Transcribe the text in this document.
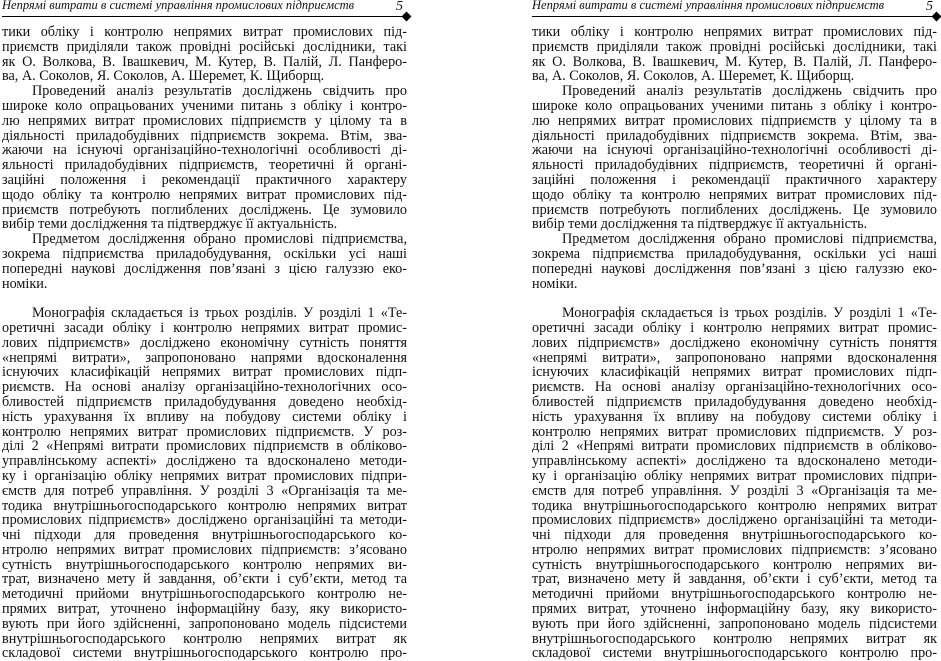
Непрямі витрати в системі управління промислових підприємств	5
тики обліку і контролю непрямих витрат промислових під-
приємств приділяли також провідні російські дослідники, такі
як О. Волкова, В. Івашкевич, М. Кутер, В. Палій, Л. Панферо-
ва, А. Соколов, Я. Соколов, А. Шеремет, К. Щиборщ.
Проведений аналіз результатів досліджень свідчить про
широке коло опрацьованих ученими питань з обліку і контро-
лю непрямих витрат промислових підприємств у цілому та в
діяльності приладобудівних підприємств зокрема. Втім, зва-
жаючи на існуючі організаційно-технологічні особливості ді-
яльності приладобудівних підприємств, теоретичні й органі-
заційні положення і рекомендації практичного характеру
щодо обліку та контролю непрямих витрат промислових під-
приємств потребують поглиблених досліджень. Це зумовило
вибір теми дослідження та підтверджує її актуальність.
Предметом дослідження обрано промислові підприємства,
зокрема підприємства приладобудування, оскільки усі наші
попередні наукові дослідження пов’язані з цією галуззю еко-
номіки.
Монографія складається із трьох розділів. У розділі 1 «Те-
оретичні засади обліку і контролю непрямих витрат промис-
лових підприємств» досліджено економічну сутність поняття
«непрямі витрати», запропоновано напрями вдосконалення
існуючих класифікацій непрямих витрат промислових підп-
риємств. На основі аналізу організаційно-технологічних осо-
бливостей підприємств приладобудування доведено необхід-
ність урахування їх впливу на побудову системи обліку і
контролю непрямих витрат промислових підприємств. У роз-
ділі 2 «Непрямі витрати промислових підприємств в обліково-
управлінському аспекті» досліджено та вдосконалено методи-
ку і організацію обліку непрямих витрат промислових підпри-
ємств для потреб управління. У розділі 3 «Організація та ме-
тодика внутрішньогосподарського контролю непрямих витрат
промислових підприємств» досліджено організаційні та методи-
чні підходи для проведення внутрішньогосподарського ко-
нтролю непрямих витрат промислових підприємств: з’ясовано
сутність внутрішньогосподарського контролю непрямих ви-
трат, визначено мету й завдання, об’єкти і суб’єкти, метод та
методичні прийоми внутрішньогосподарського контролю не-
прямих витрат, уточнено інформаційну базу, яку використо-
вують при його здійсненні, запропоновано модель підсистеми
внутрішньогосподарського контролю непрямих витрат як
складової системи внутрішньогосподарського контролю про-
Непрямі витрати в системі управління промислових підприємств	5
тики обліку і контролю непрямих витрат промислових під-
приємств приділяли також провідні російські дослідники, такі
як О. Волкова, В. Івашкевич, М. Кутер, В. Палій, Л. Панферо-
ва, А. Соколов, Я. Соколов, А. Шеремет, К. Щиборщ.
Проведений аналіз результатів досліджень свідчить про
широке коло опрацьованих ученими питань з обліку і контро-
лю непрямих витрат промислових підприємств у цілому та в
діяльності приладобудівних підприємств зокрема. Втім, зва-
жаючи на існуючі організаційно-технологічні особливості ді-
яльності приладобудівних підприємств, теоретичні й органі-
заційні положення і рекомендації практичного характеру
щодо обліку та контролю непрямих витрат промислових під-
приємств потребують поглиблених досліджень. Це зумовило
вибір теми дослідження та підтверджує її актуальність.
Предметом дослідження обрано промислові підприємства,
зокрема підприємства приладобудування, оскільки усі наші
попередні наукові дослідження пов’язані з цією галуззю еко-
номіки.
Монографія складається із трьох розділів. У розділі 1 «Те-
оретичні засади обліку і контролю непрямих витрат промис-
лових підприємств» досліджено економічну сутність поняття
«непрямі витрати», запропоновано напрями вдосконалення
існуючих класифікацій непрямих витрат промислових підп-
риємств. На основі аналізу організаційно-технологічних осо-
бливостей підприємств приладобудування доведено необхід-
ність урахування їх впливу на побудову системи обліку і
контролю непрямих витрат промислових підприємств. У роз-
ділі 2 «Непрямі витрати промислових підприємств в обліково-
управлінському аспекті» досліджено та вдосконалено методи-
ку і організацію обліку непрямих витрат промислових підпри-
ємств для потреб управління. У розділі 3 «Організація та ме-
тодика внутрішньогосподарського контролю непрямих витрат
промислових підприємств» досліджено організаційні та методи-
чні підходи для проведення внутрішньогосподарського ко-
нтролю непрямих витрат промислових підприємств: з’ясовано
сутність внутрішньогосподарського контролю непрямих ви-
трат, визначено мету й завдання, об’єкти і суб’єкти, метод та
методичні прийоми внутрішньогосподарського контролю не-
прямих витрат, уточнено інформаційну базу, яку використо-
вують при його здійсненні, запропоновано модель підсистеми
внутрішньогосподарського контролю непрямих витрат як
складової системи внутрішньогосподарського контролю про-
